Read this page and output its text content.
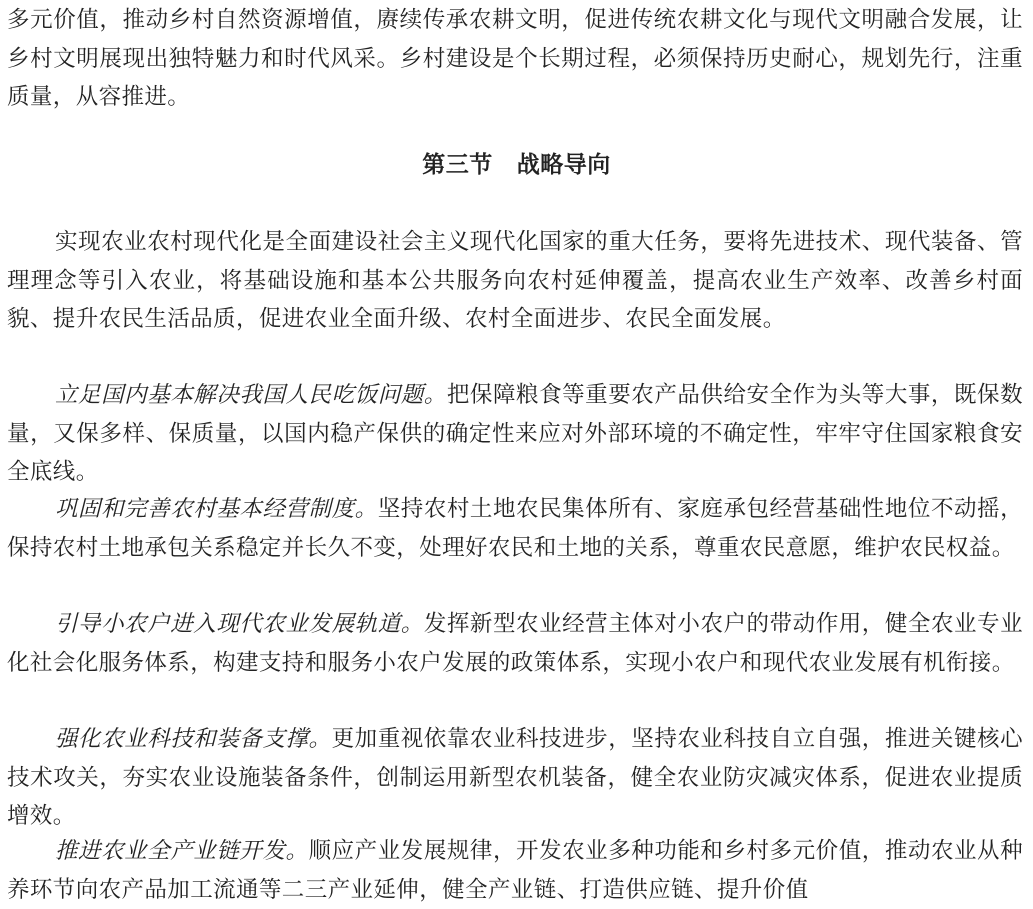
多元价值，推动乡村自然资源增值，赓续传承农耕文明，促进传统农耕文化与现代文明融合发展，让乡村文明展现出独特魅力和时代风采。乡村建设是个长期过程，必须保持历史耐心，规划先行，注重质量，从容推进。

第三节 战略导向

实现农业农村现代化是全面建设社会主义现代化国家的重大任务，要将先进技术、现代装备、管理理念等引入农业，将基础设施和基本公共服务向农村延伸覆盖，提高农业生产效率、改善乡村面貌、提升农民生活品质，促进农业全面升级、农村全面进步、农民全面发展。

立足国内基本解决我国人民吃饭问题。把保障粮食等重要农产品供给安全作为头等大事，既保数量，又保多样、保质量，以国内稳产保供的确定性来应对外部环境的不确定性，牢牢守住国家粮食安全底线。

巩固和完善农村基本经营制度。坚持农村土地农民集体所有、家庭承包经营基础性地位不动摇，保持农村土地承包关系稳定并长久不变，处理好农民和土地的关系，尊重农民意愿，维护农民权益。

引导小农户进入现代农业发展轨道。发挥新型农业经营主体对小农户的带动作用，健全农业专业化社会化服务体系，构建支持和服务小农户发展的政策体系，实现小农户和现代农业发展有机衔接。

强化农业科技和装备支撑。更加重视依靠农业科技进步，坚持农业科技自立自强，推进关键核心技术攻关，夯实农业设施装备条件，创制运用新型农机装备，健全农业防灾减灾体系，促进农业提质增效。

推进农业全产业链开发。顺应产业发展规律，开发农业多种功能和乡村多元价值，推动农业从种养环节向农产品加工流通等二三产业延伸，健全产业链、打造供应链、提升价值
